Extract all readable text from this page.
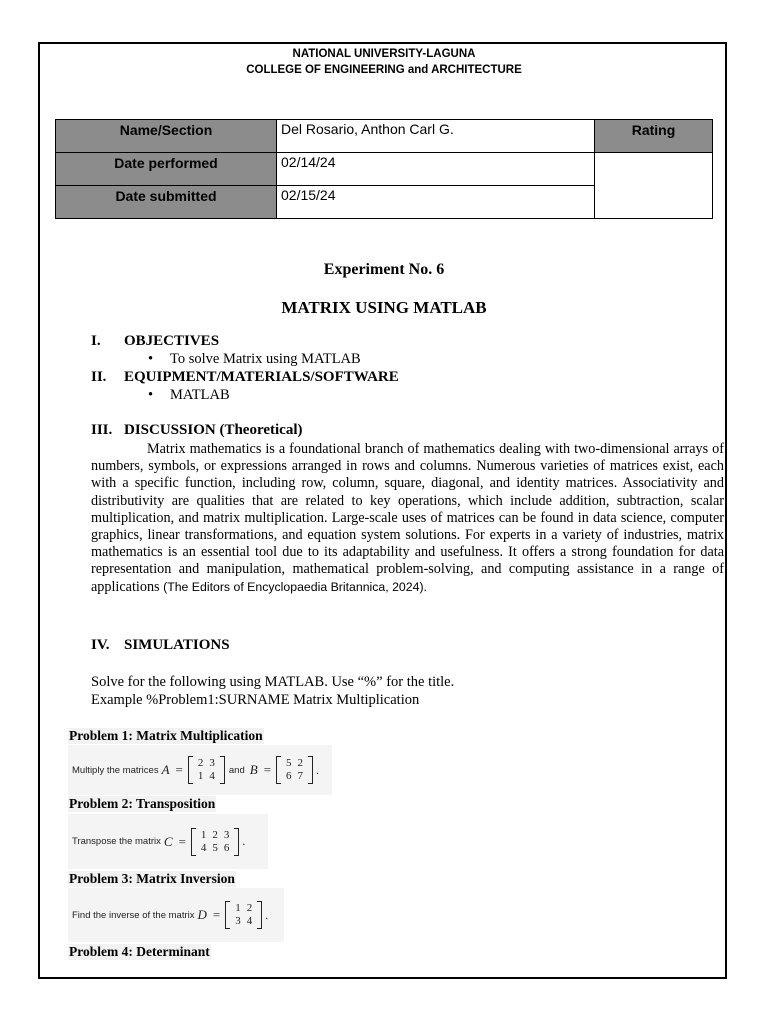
NATIONAL UNIVERSITY-LAGUNA
COLLEGE OF ENGINEERING and ARCHITECTURE
Name/Section	Del Rosario, Anthon Carl G.	Rating
Date performed	02/14/24	
Date submitted	02/15/24	
Experiment No. 6
MATRIX USING MATLAB
I. OBJECTIVES
• To solve Matrix using MATLAB
II. EQUIPMENT/MATERIALS/SOFTWARE
• MATLAB
III. DISCUSSION (Theoretical)
Matrix mathematics is a foundational branch of mathematics dealing with two-dimensional arrays of numbers, symbols, or expressions arranged in rows and columns. Numerous varieties of matrices exist, each with a specific function, including row, column, square, diagonal, and identity matrices. Associativity and distributivity are qualities that are related to key operations, which include addition, subtraction, scalar multiplication, and matrix multiplication. Large-scale uses of matrices can be found in data science, computer graphics, linear transformations, and equation system solutions. For experts in a variety of industries, matrix mathematics is an essential tool due to its adaptability and usefulness. It offers a strong foundation for data representation and manipulation, mathematical problem-solving, and computing assistance in a range of applications (The Editors of Encyclopaedia Britannica, 2024).
IV. SIMULATIONS
Solve for the following using MATLAB. Use “%” for the title.
Example %Problem1:SURNAME Matrix Multiplication
Problem 1: Matrix Multiplication
Multiply the matrices A = 2	3
1	4 and B = 5	2
6	7 .
Problem 2: Transposition
Transpose the matrix C = 1	2	3
4	5	6 .
Problem 3: Matrix Inversion
Find the inverse of the matrix D = 1	2
3	4 .
Problem 4: Determinant
